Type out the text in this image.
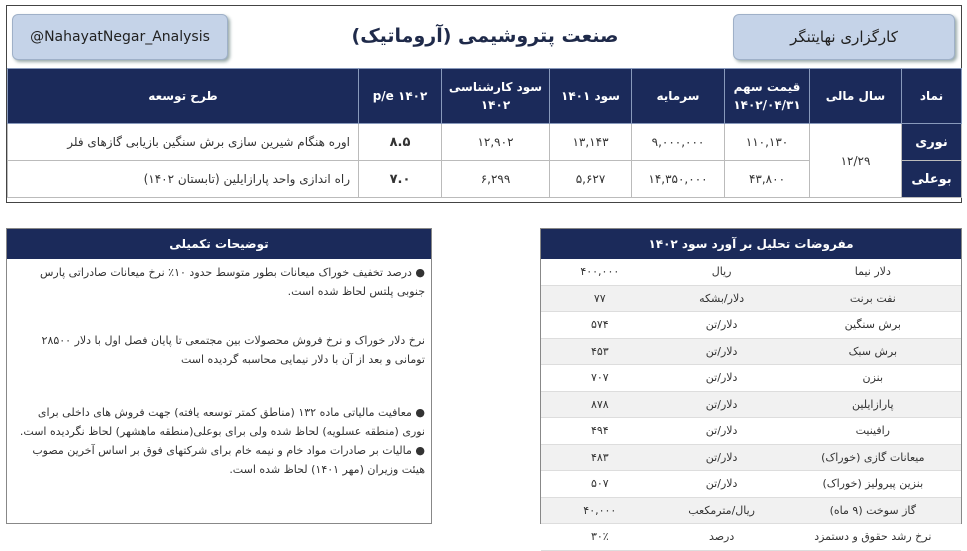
@NahayatNegar_Analysis	صنعت پتروشیمی (آروماتیک)	کارگزاری نهایتنگر
نماد	سال مالی	قیمت سهم ۱۴۰۲/۰۴/۳۱	سرمایه	سود ۱۴۰۱	سود کارشناسی ۱۴۰۲	p/e ۱۴۰۲	طرح توسعه
نوری	۱۲/۲۹	۱۱۰,۱۳۰	۹,۰۰۰,۰۰۰	۱۳,۱۴۳	۱۲,۹۰۲	۸.۵	اوره هنگام شیرین سازی برش سنگین بازیابی گازهای فلر
بوعلی		۴۳,۸۰۰	۱۴,۳۵۰,۰۰۰	۵,۶۲۷	۶,۲۹۹	۷.۰	راه اندازی واحد پارازایلین (تابستان ۱۴۰۲)
توضیحات تکمیلی

● درصد تخفیف خوراک میعانات بطور متوسط حدود ۱۰٪ نرخ میعانات صادراتی پارس جنوبی پلتس لحاظ شده است.

نرخ دلار خوراک و نرخ فروش محصولات بین مجتمعی تا پایان فصل اول با دلار ۲۸۵۰۰ تومانی و بعد از آن با دلار نیمایی محاسبه گردیده است

● معافیت مالیاتی ماده ۱۳۲ (مناطق کمتر توسعه یافته) جهت فروش های داخلی برای نوری (منطقه عسلویه) لحاظ شده ولی برای بوعلی(منطقه ماهشهر) لحاظ نگردیده است.

● مالیات بر صادرات مواد خام و نیمه خام برای شرکتهای فوق بر اساس آخرین مصوب هیئت وزیران (مهر ۱۴۰۱) لحاظ شده است.

مفروضات تحلیل بر آورد سود ۱۴۰۲
دلار نیما	ریال	۴۰۰,۰۰۰
نفت برنت	دلار/بشکه	۷۷
برش سنگین	دلار/تن	۵۷۴
برش سبک	دلار/تن	۴۵۳
بنزن	دلار/تن	۷۰۷
پارازایلین	دلار/تن	۸۷۸
رافینیت	دلار/تن	۴۹۴
میعانات گازی (خوراک)	دلار/تن	۴۸۳
بنزین پیرولیز (خوراک)	دلار/تن	۵۰۷
گاز سوخت (۹ ماه)	ریال/مترمکعب	۴۰,۰۰۰
نرخ رشد حقوق و دستمزد	درصد	۳۰٪
